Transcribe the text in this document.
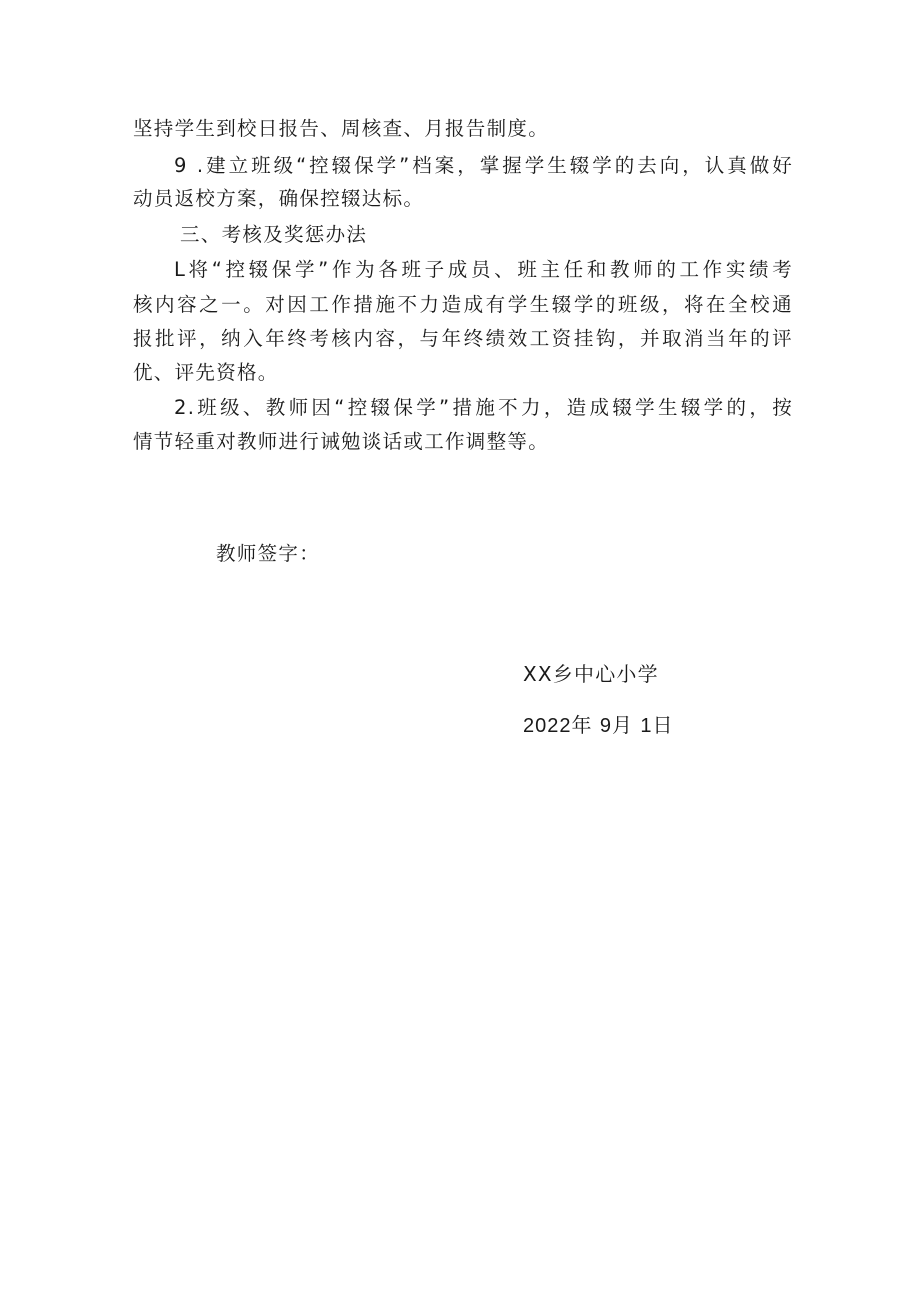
坚持学生到校日报告、周核查、月报告制度。
9 .建立班级“控辍保学”档案，掌握学生辍学的去向，认真做好
动员返校方案，确保控辍达标。
三、考核及奖惩办法
L将“控辍保学”作为各班子成员、班主任和教师的工作实绩考
核内容之一。对因工作措施不力造成有学生辍学的班级，将在全校通
报批评，纳入年终考核内容，与年终绩效工资挂钩，并取消当年的评
优、评先资格。
2.班级、教师因“控辍保学”措施不力，造成辍学生辍学的，按
情节轻重对教师进行诫勉谈话或工作调整等。
教师签字：
XX乡中心小学
2022年 9月 1日
